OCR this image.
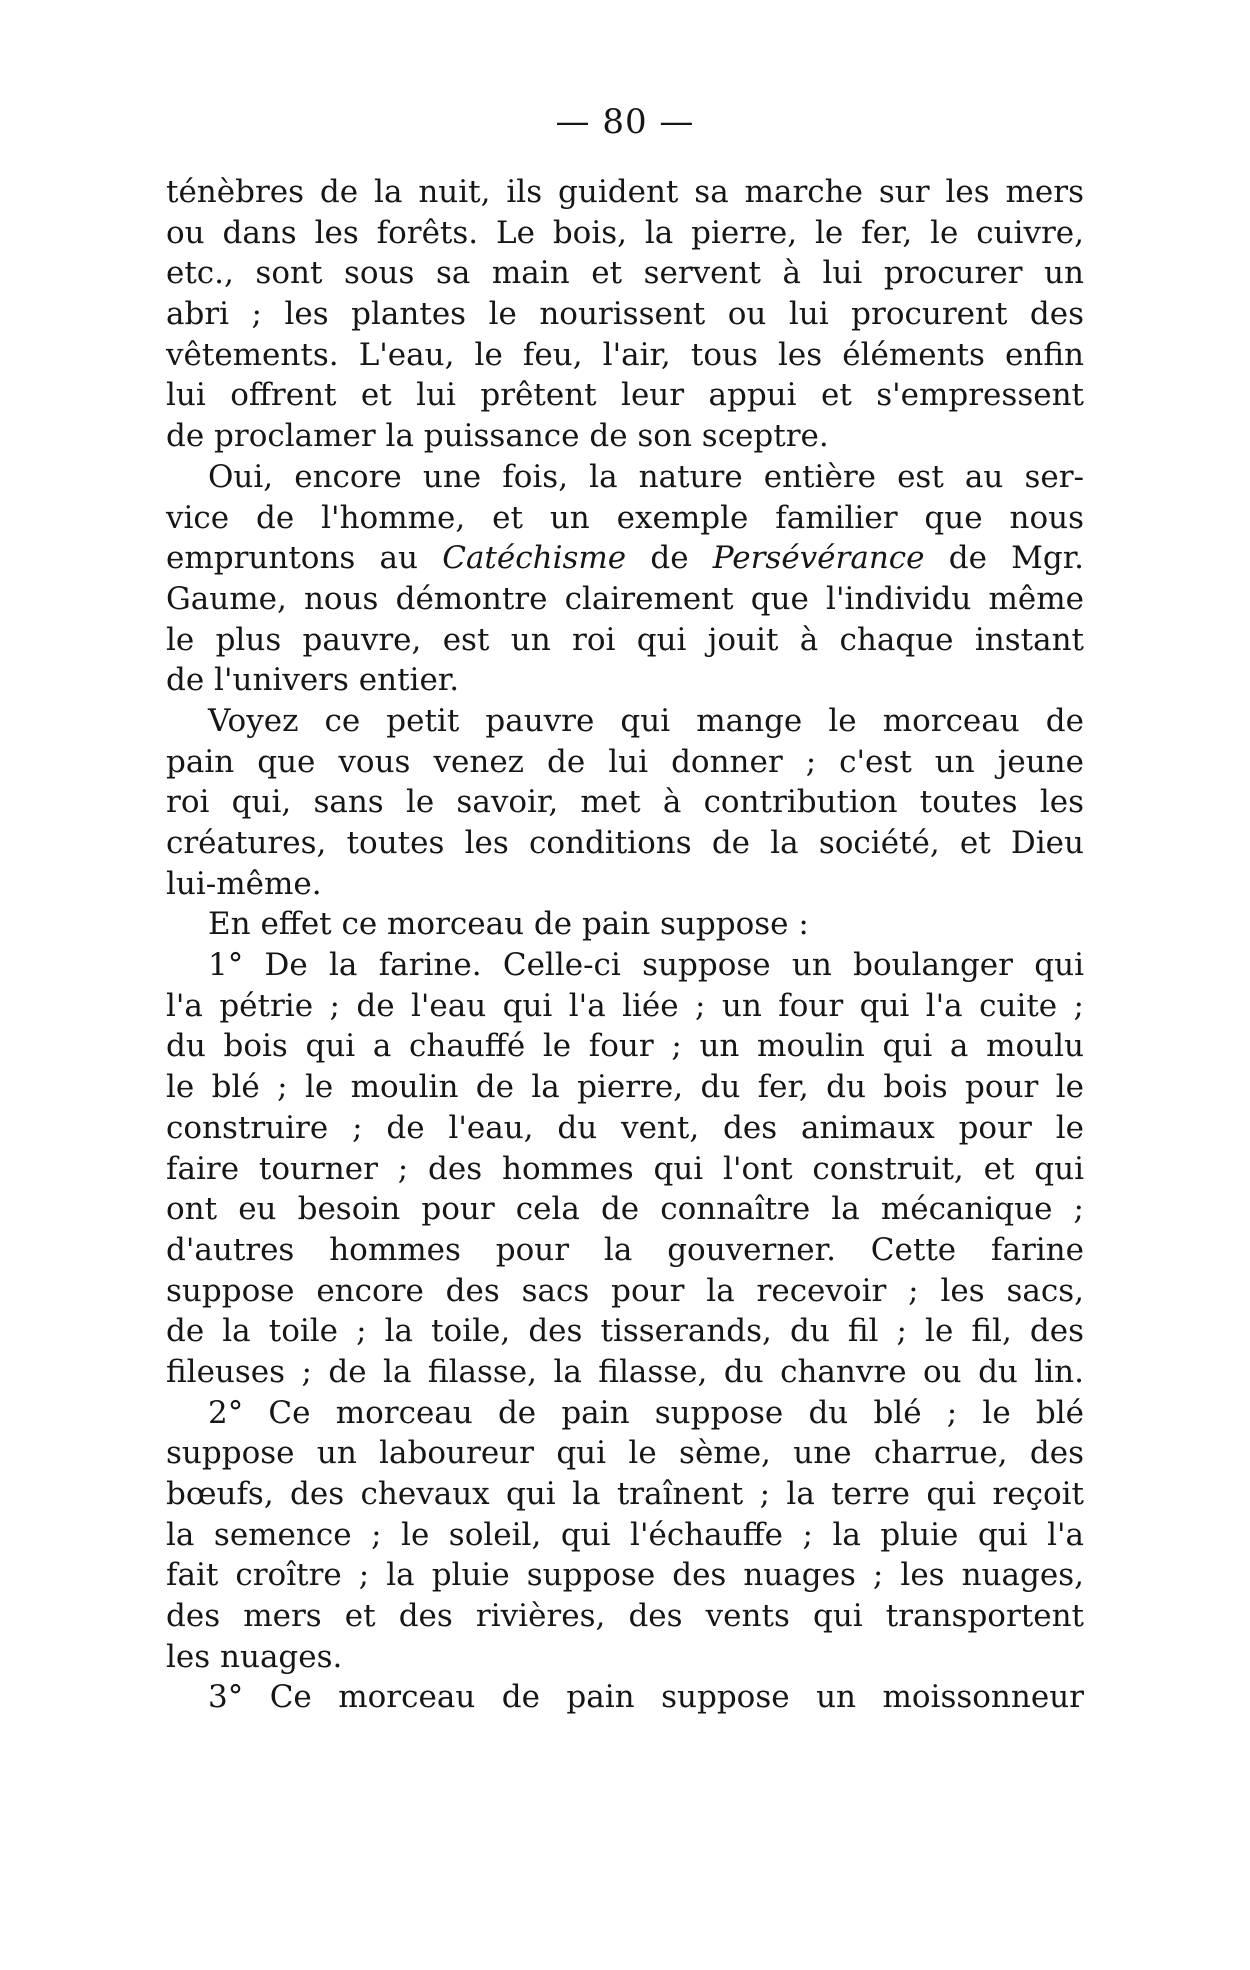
— 80 —
ténèbres de la nuit, ils guident sa marche sur les mers
ou dans les forêts. Le bois, la pierre, le fer, le cuivre,
etc., sont sous sa main et servent à lui procurer un
abri ; les plantes le nourissent ou lui procurent des
vêtements. L'eau, le feu, l'air, tous les éléments enfin
lui offrent et lui prêtent leur appui et s'empressent
de proclamer la puissance de son sceptre.
Oui, encore une fois, la nature entière est au ser-
vice de l'homme, et un exemple familier que nous
empruntons au Catéchisme de Persévérance de Mgr.
Gaume, nous démontre clairement que l'individu même
le plus pauvre, est un roi qui jouit à chaque instant
de l'univers entier.
Voyez ce petit pauvre qui mange le morceau de
pain que vous venez de lui donner ; c'est un jeune
roi qui, sans le savoir, met à contribution toutes les
créatures, toutes les conditions de la société, et Dieu
lui-même.
En effet ce morceau de pain suppose :
1° De la farine. Celle-ci suppose un boulanger qui
l'a pétrie ; de l'eau qui l'a liée ; un four qui l'a cuite ;
du bois qui a chauffé le four ; un moulin qui a moulu
le blé ; le moulin de la pierre, du fer, du bois pour le
construire ; de l'eau, du vent, des animaux pour le
faire tourner ; des hommes qui l'ont construit, et qui
ont eu besoin pour cela de connaître la mécanique ;
d'autres hommes pour la gouverner. Cette farine
suppose encore des sacs pour la recevoir ; les sacs,
de la toile ; la toile, des tisserands, du fil ; le fil, des
fileuses ; de la filasse, la filasse, du chanvre ou du lin.
2° Ce morceau de pain suppose du blé ; le blé
suppose un laboureur qui le sème, une charrue, des
bœufs, des chevaux qui la traînent ; la terre qui reçoit
la semence ; le soleil, qui l'échauffe ; la pluie qui l'a
fait croître ; la pluie suppose des nuages ; les nuages,
des mers et des rivières, des vents qui transportent
les nuages.
3° Ce morceau de pain suppose un moissonneur
